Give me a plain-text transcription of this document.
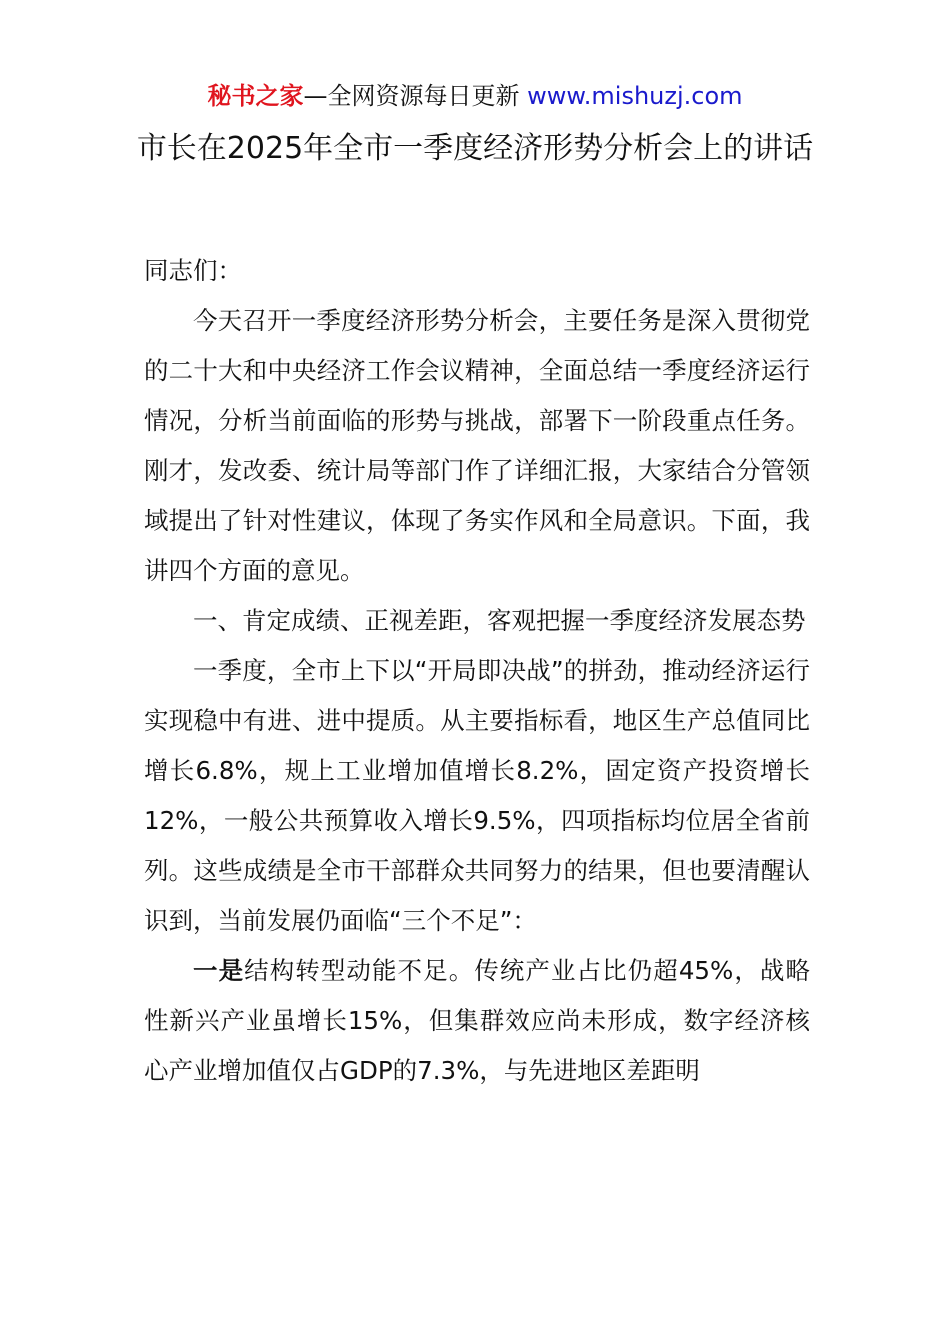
秘书之家—全网资源每日更新 www.mishuzj.com
市长在2025年全市一季度经济形势分析会上的讲话

同志们：

今天召开一季度经济形势分析会，主要任务是深入贯彻党的二十大和中央经济工作会议精神，全面总结一季度经济运行情况，分析当前面临的形势与挑战，部署下一阶段重点任务。刚才，发改委、统计局等部门作了详细汇报，大家结合分管领域提出了针对性建议，体现了务实作风和全局意识。下面，我讲四个方面的意见。

一、肯定成绩、正视差距，客观把握一季度经济发展态势

一季度，全市上下以“开局即决战”的拼劲，推动经济运行实现稳中有进、进中提质。从主要指标看，地区生产总值同比增长6.8%，规上工业增加值增长8.2%，固定资产投资增长12%，一般公共预算收入增长9.5%，四项指标均位居全省前列。这些成绩是全市干部群众共同努力的结果，但也要清醒认识到，当前发展仍面临“三个不足”：

一是结构转型动能不足。传统产业占比仍超45%，战略性新兴产业虽增长15%，但集群效应尚未形成，数字经济核心产业增加值仅占GDP的7.3%，与先进地区差距明
